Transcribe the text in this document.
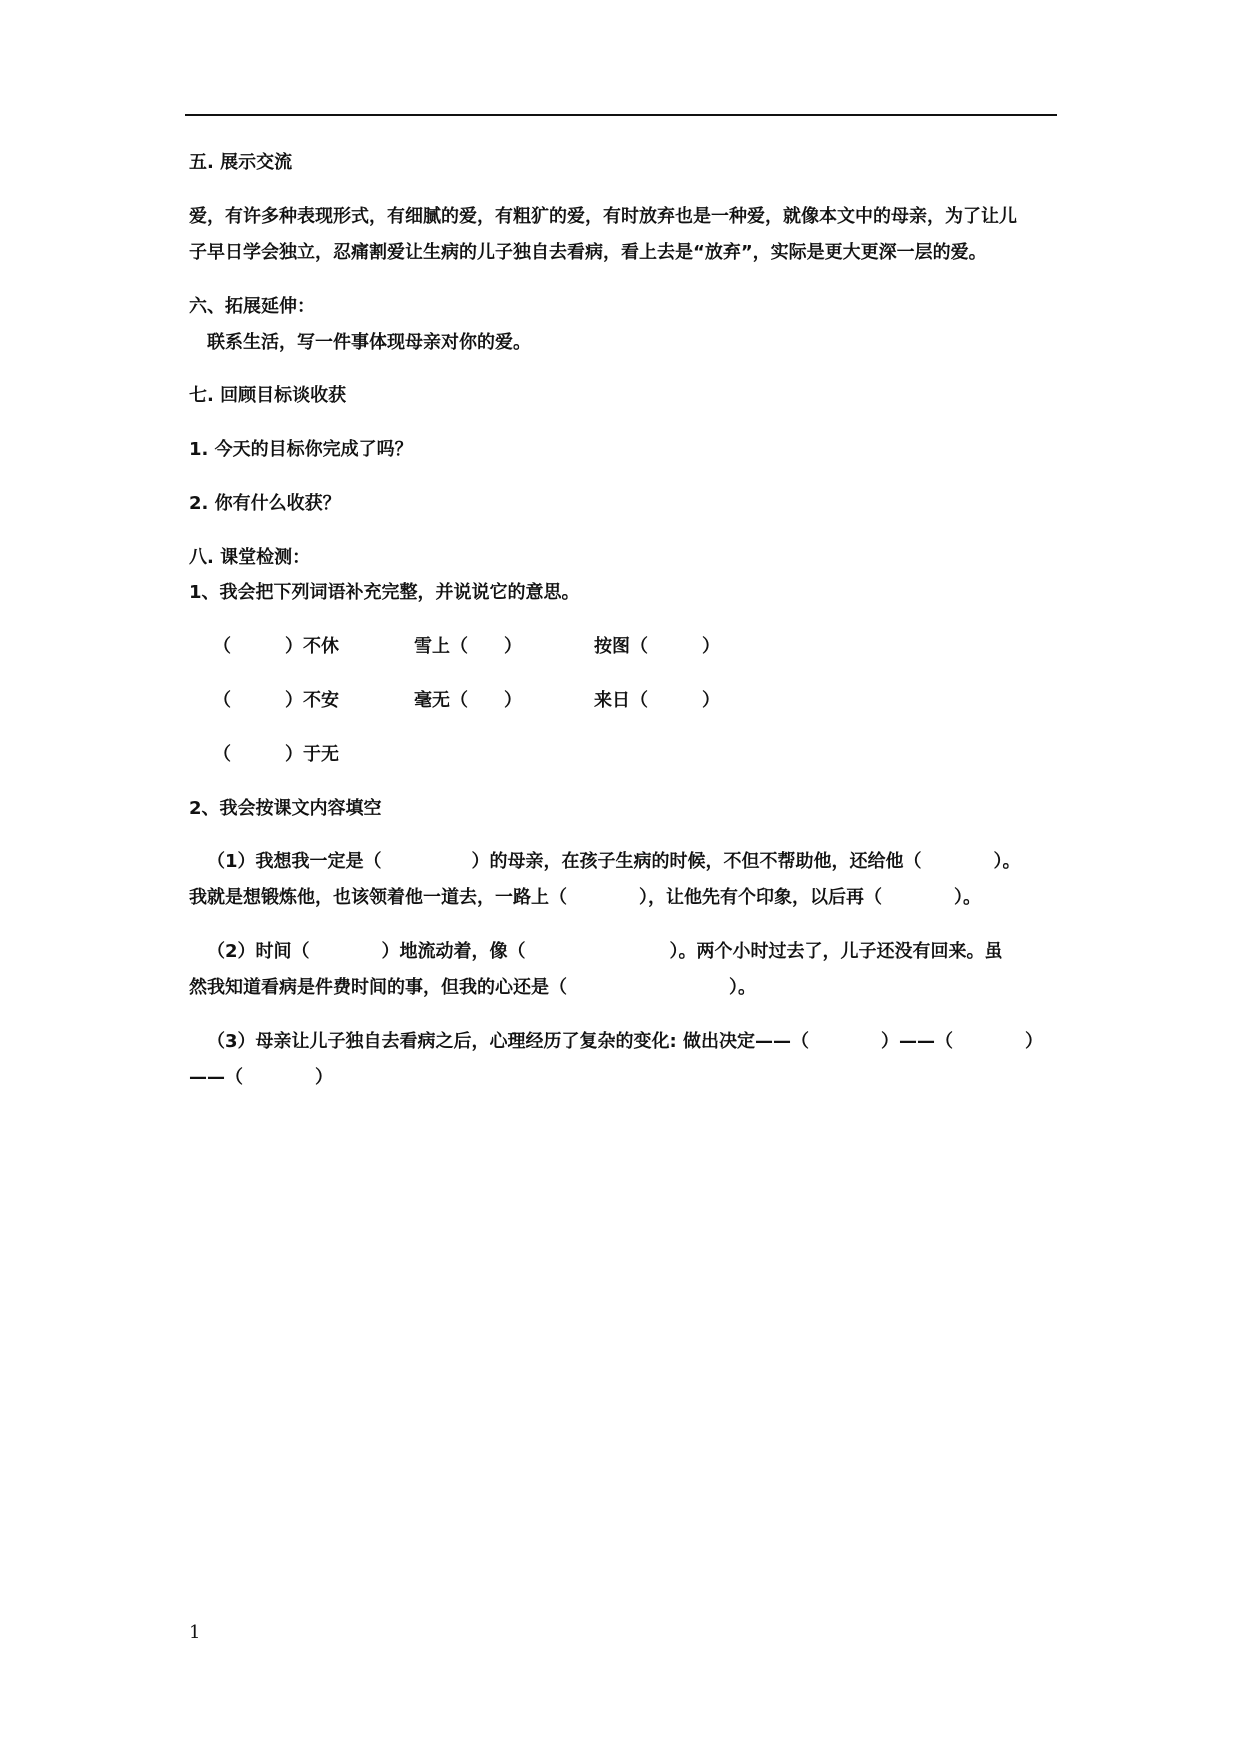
五. 展示交流
爱，有许多种表现形式，有细腻的爱，有粗犷的爱，有时放弃也是一种爱，就像本文中的母亲，为了让儿
子早日学会独立，忍痛割爱让生病的儿子独自去看病，看上去是“放弃”，实际是更大更深一层的爱。
六、拓展延伸：
联系生活，写一件事体现母亲对你的爱。
七. 回顾目标谈收获
1. 今天的目标你完成了吗？
2. 你有什么收获？
八. 课堂检测：
1、我会把下列词语补充完整，并说说它的意思。
（　　　）不休	雪上（　　）	按图（　　　）
（　　　）不安	毫无（　　）	来日（　　　）
（　　　）于无
2、我会按课文内容填空
（1）我想我一定是（　　　　　）的母亲，在孩子生病的时候，不但不帮助他，还给他（　　　　）。
我就是想锻炼他，也该领着他一道去，一路上（　　　　），让他先有个印象，以后再（　　　　）。
（2）时间（　　　　）地流动着，像（　　　　　　　　）。两个小时过去了，儿子还没有回来。虽
然我知道看病是件费时间的事，但我的心还是（　　　　　　　　　）。
（3）母亲让儿子独自去看病之后，心理经历了复杂的变化: 做出决定——（　　　　）——（　　　　）
——（　　　　）
1
